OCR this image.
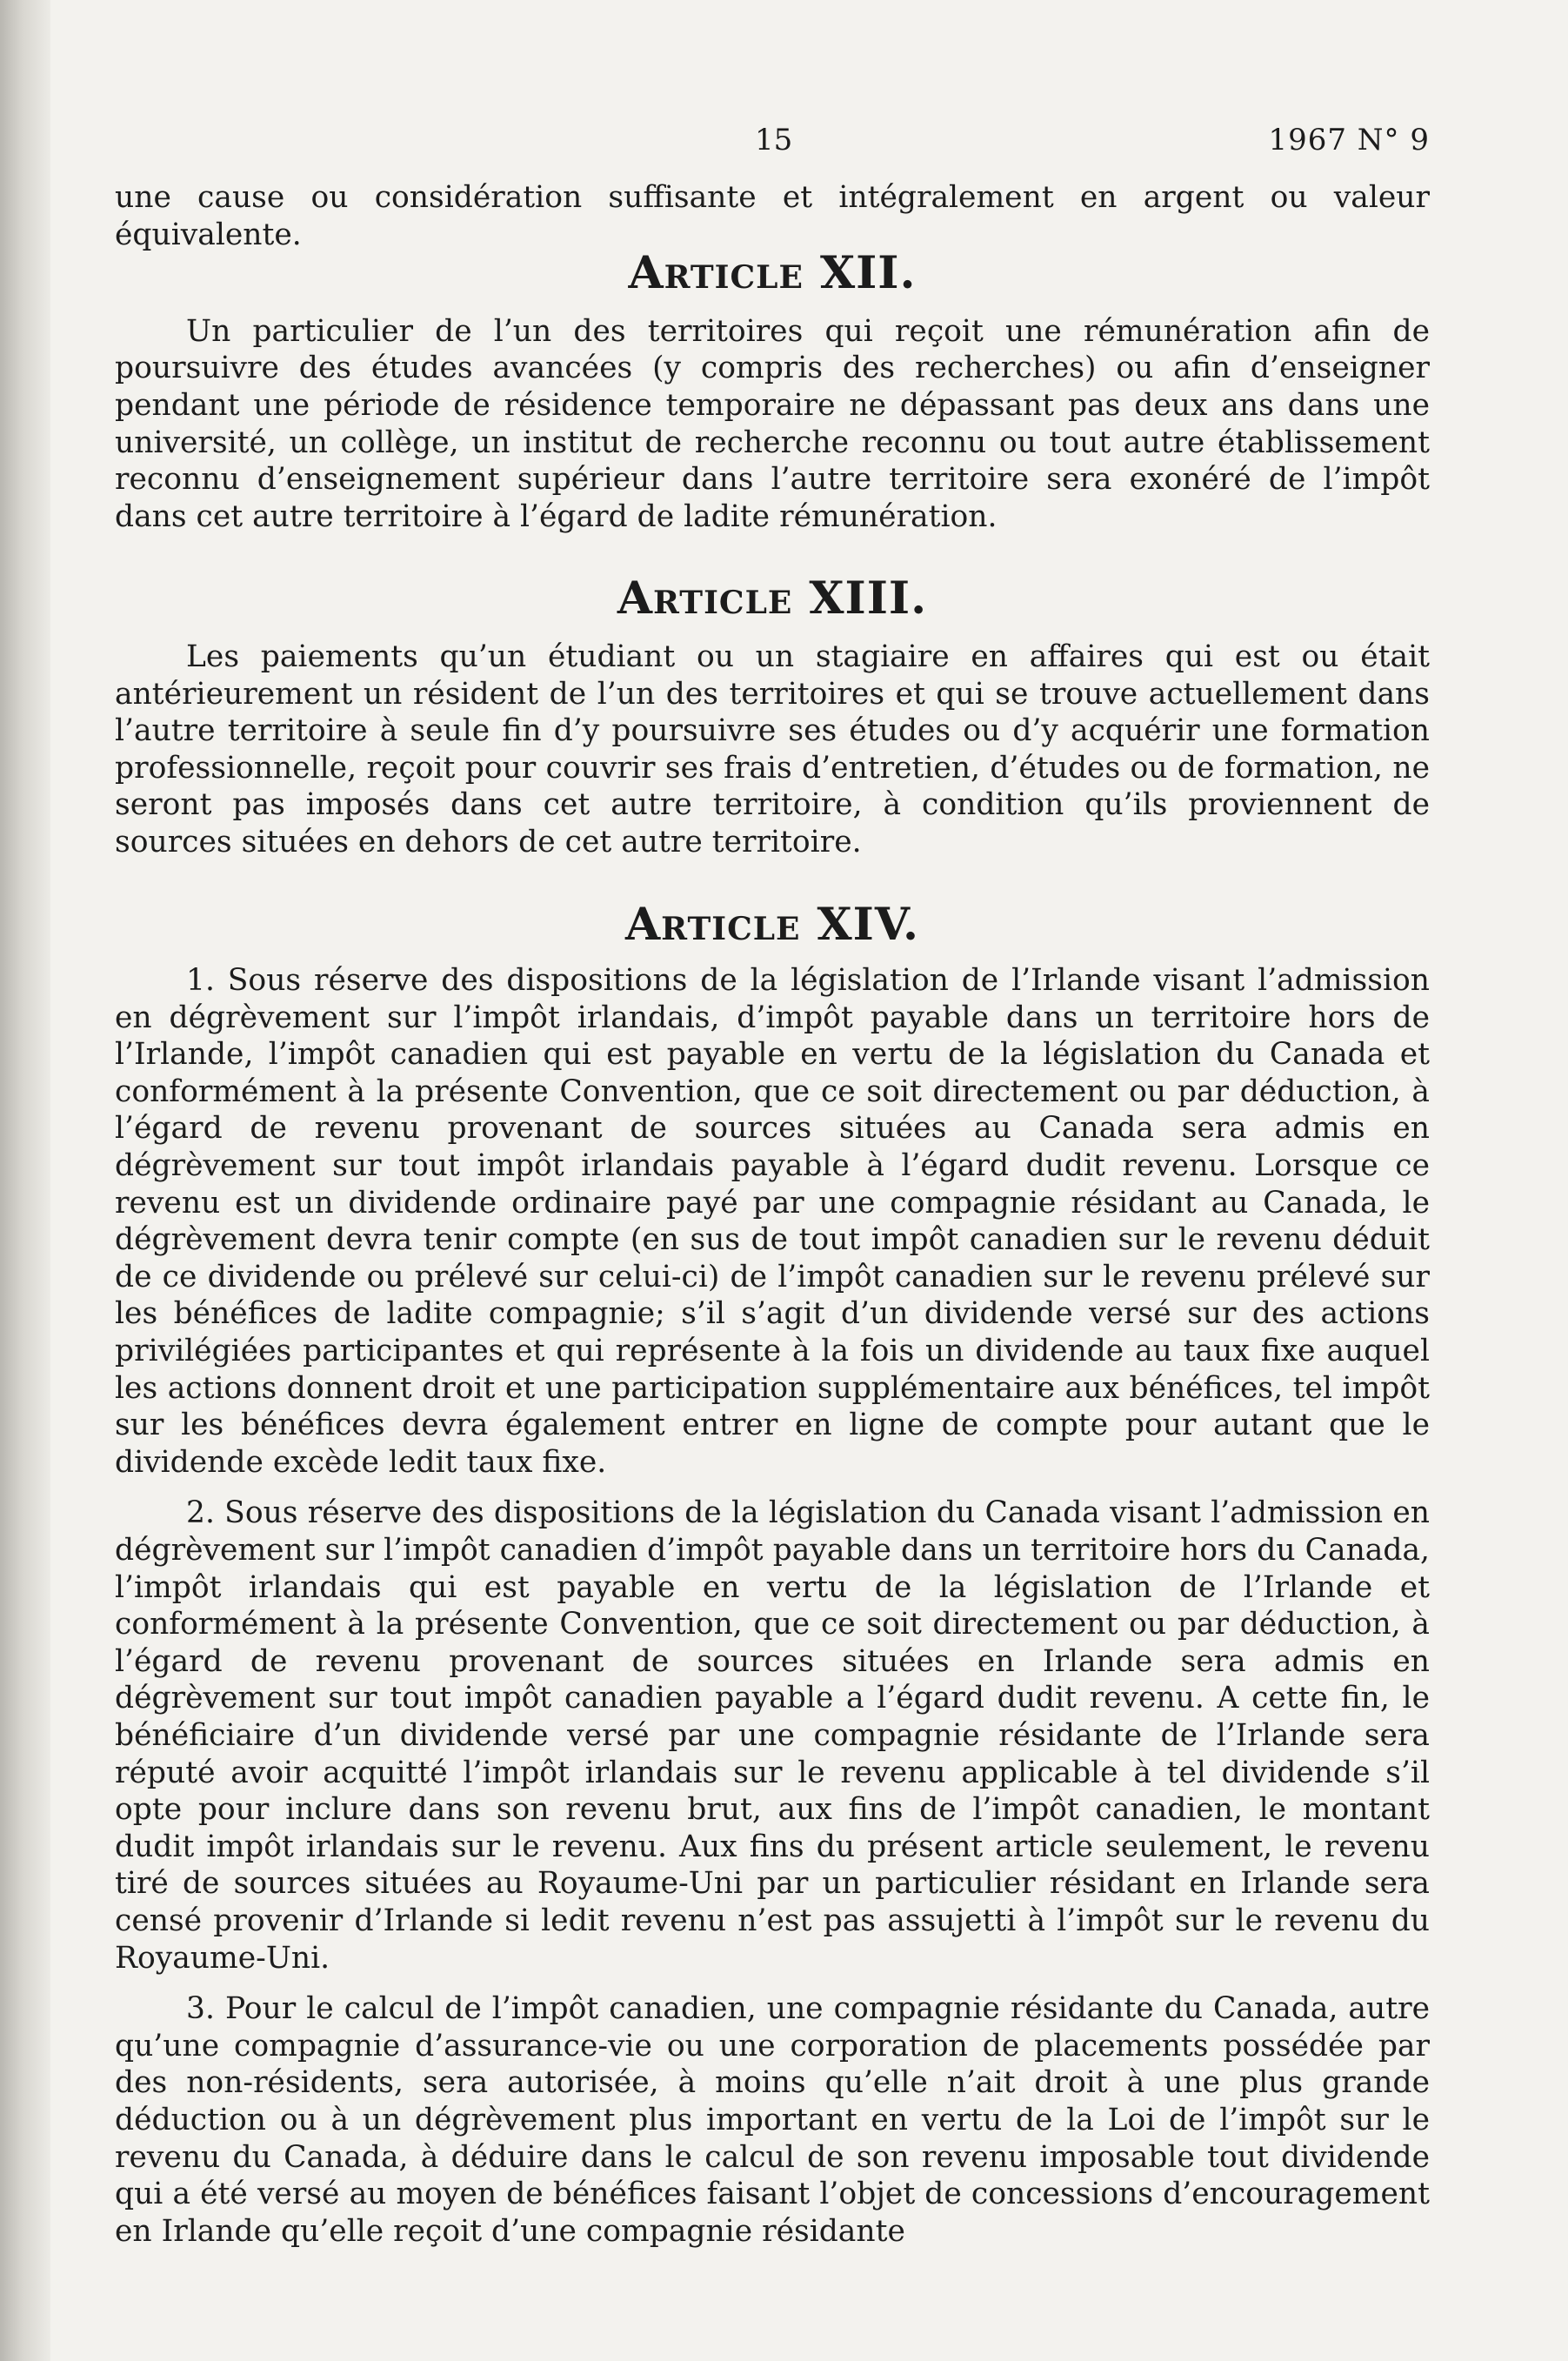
15	1967 N° 9

une cause ou considération suffisante et intégralement en argent ou valeur équivalente.

Article XII.

Un particulier de l’un des territoires qui reçoit une rémunération afin de poursuivre des études avancées (y compris des recherches) ou afin d’enseigner pendant une période de résidence temporaire ne dépassant pas deux ans dans une université, un collège, un institut de recherche reconnu ou tout autre établissement reconnu d’enseignement supérieur dans l’autre territoire sera exonéré de l’impôt dans cet autre territoire à l’égard de ladite rémunération.

Article XIII.

Les paiements qu’un étudiant ou un stagiaire en affaires qui est ou était antérieurement un résident de l’un des territoires et qui se trouve actuellement dans l’autre territoire à seule fin d’y poursuivre ses études ou d’y acquérir une formation professionnelle, reçoit pour couvrir ses frais d’entretien, d’études ou de formation, ne seront pas imposés dans cet autre territoire, à condition qu’ils proviennent de sources situées en dehors de cet autre territoire.

Article XIV.

1. Sous réserve des dispositions de la législation de l’Irlande visant l’admission en dégrèvement sur l’impôt irlandais, d’impôt payable dans un territoire hors de l’Irlande, l’impôt canadien qui est payable en vertu de la législation du Canada et conformément à la présente Convention, que ce soit directement ou par déduction, à l’égard de revenu provenant de sources situées au Canada sera admis en dégrèvement sur tout impôt irlandais payable à l’égard dudit revenu. Lorsque ce revenu est un dividende ordinaire payé par une compagnie résidant au Canada, le dégrèvement devra tenir compte (en sus de tout impôt canadien sur le revenu déduit de ce dividende ou prélevé sur celui-ci) de l’impôt canadien sur le revenu prélevé sur les bénéfices de ladite compagnie; s’il s’agit d’un dividende versé sur des actions privilégiées participantes et qui représente à la fois un dividende au taux fixe auquel les actions donnent droit et une participation supplémentaire aux bénéfices, tel impôt sur les bénéfices devra également entrer en ligne de compte pour autant que le dividende excède ledit taux fixe.

2. Sous réserve des dispositions de la législation du Canada visant l’admission en dégrèvement sur l’impôt canadien d’impôt payable dans un territoire hors du Canada, l’impôt irlandais qui est payable en vertu de la législation de l’Irlande et conformément à la présente Convention, que ce soit directement ou par déduction, à l’égard de revenu provenant de sources situées en Irlande sera admis en dégrèvement sur tout impôt canadien payable a l’égard dudit revenu. A cette fin, le bénéficiaire d’un dividende versé par une compagnie résidante de l’Irlande sera réputé avoir acquitté l’impôt irlandais sur le revenu applicable à tel dividende s’il opte pour inclure dans son revenu brut, aux fins de l’impôt canadien, le montant dudit impôt irlandais sur le revenu. Aux fins du présent article seulement, le revenu tiré de sources situées au Royaume-Uni par un particulier résidant en Irlande sera censé provenir d’Irlande si ledit revenu n’est pas assujetti à l’impôt sur le revenu du Royaume-Uni.

3. Pour le calcul de l’impôt canadien, une compagnie résidante du Canada, autre qu’une compagnie d’assurance-vie ou une corporation de placements possédée par des non-résidents, sera autorisée, à moins qu’elle n’ait droit à une plus grande déduction ou à un dégrèvement plus important en vertu de la Loi de l’impôt sur le revenu du Canada, à déduire dans le calcul de son revenu imposable tout dividende qui a été versé au moyen de bénéfices faisant l’objet de concessions d’encouragement en Irlande qu’elle reçoit d’une compagnie résidante
